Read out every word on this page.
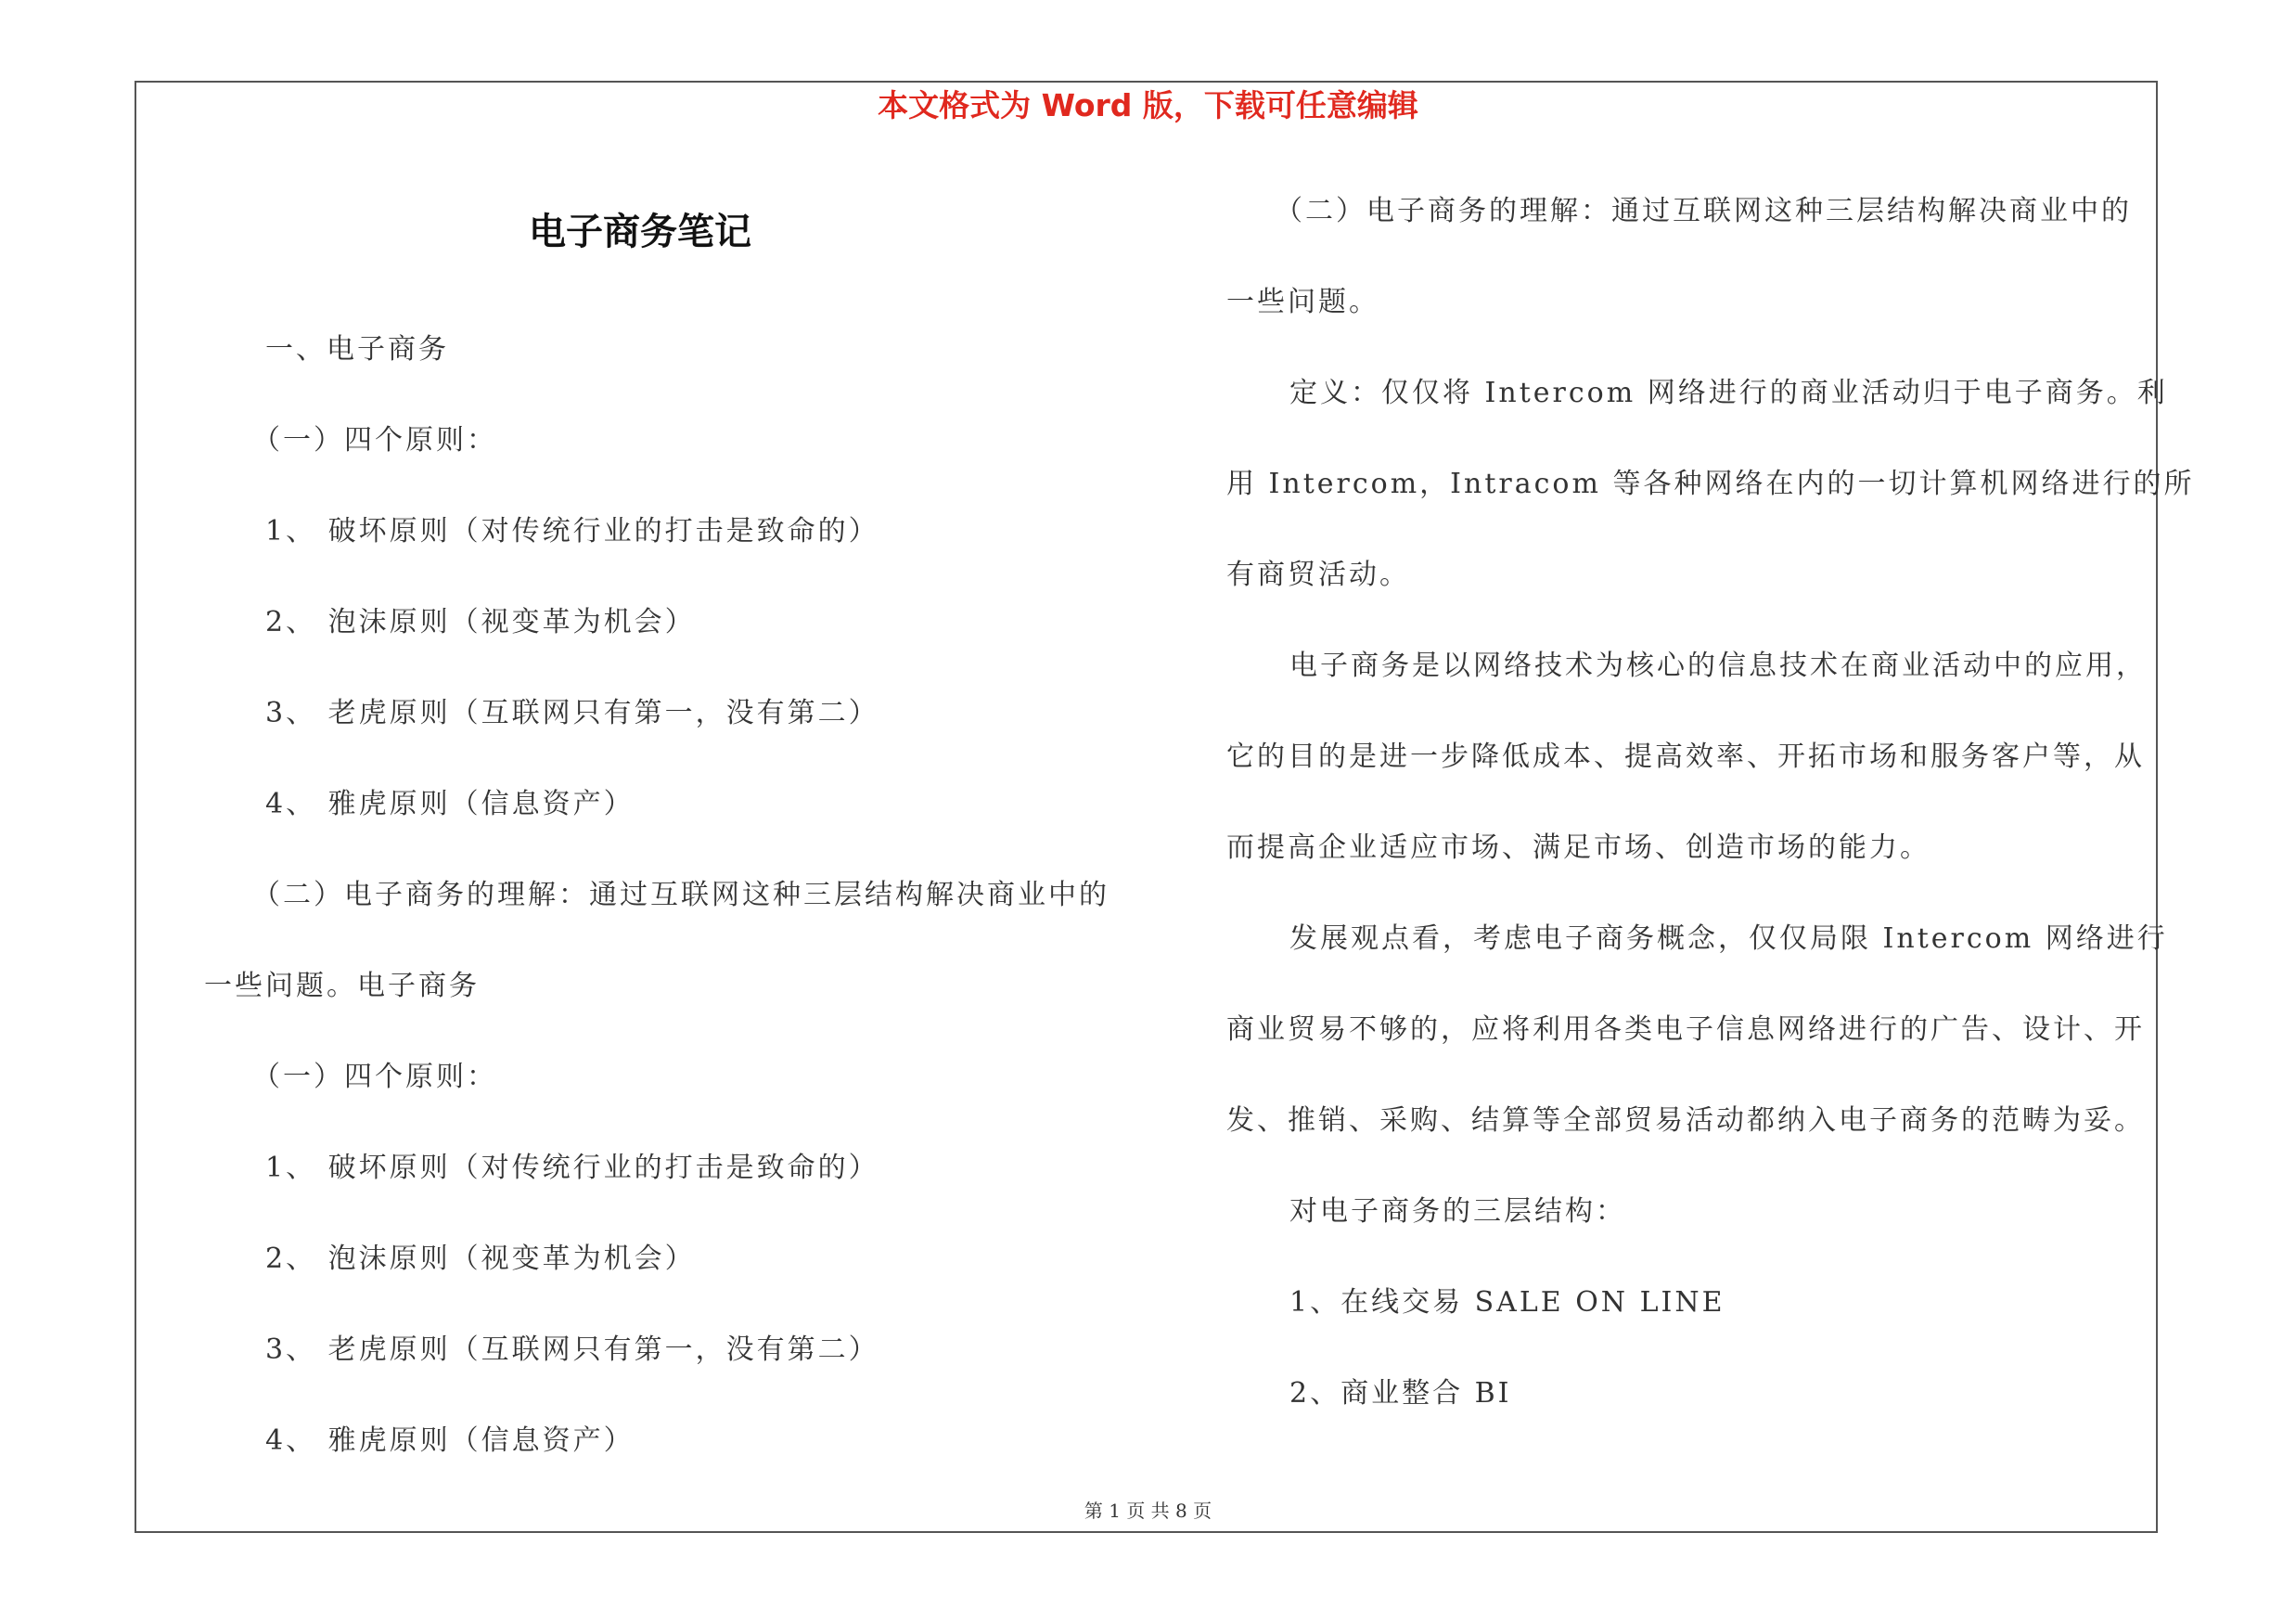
本文格式为 Word 版，下载可任意编辑
电子商务笔记

一、电子商务

（一）四个原则：

1、 破坏原则（对传统行业的打击是致命的）

2、 泡沫原则（视变革为机会）

3、 老虎原则（互联网只有第一，没有第二）

4、 雅虎原则（信息资产）

（二）电子商务的理解：通过互联网这种三层结构解决商业中的

一些问题。电子商务

（一）四个原则：

1、 破坏原则（对传统行业的打击是致命的）

2、 泡沫原则（视变革为机会）

3、 老虎原则（互联网只有第一，没有第二）

4、 雅虎原则（信息资产）

（二）电子商务的理解：通过互联网这种三层结构解决商业中的

一些问题。

定义：仅仅将 Intercom 网络进行的商业活动归于电子商务。利

用 Intercom，Intracom 等各种网络在内的一切计算机网络进行的所

有商贸活动。

电子商务是以网络技术为核心的信息技术在商业活动中的应用，

它的目的是进一步降低成本、提高效率、开拓市场和服务客户等，从

而提高企业适应市场、满足市场、创造市场的能力。

发展观点看，考虑电子商务概念，仅仅局限 Intercom 网络进行

商业贸易不够的，应将利用各类电子信息网络进行的广告、设计、开

发、推销、采购、结算等全部贸易活动都纳入电子商务的范畴为妥。

对电子商务的三层结构：

1、在线交易 SALE ON LINE

2、商业整合 BI

第 1 页 共 8 页
